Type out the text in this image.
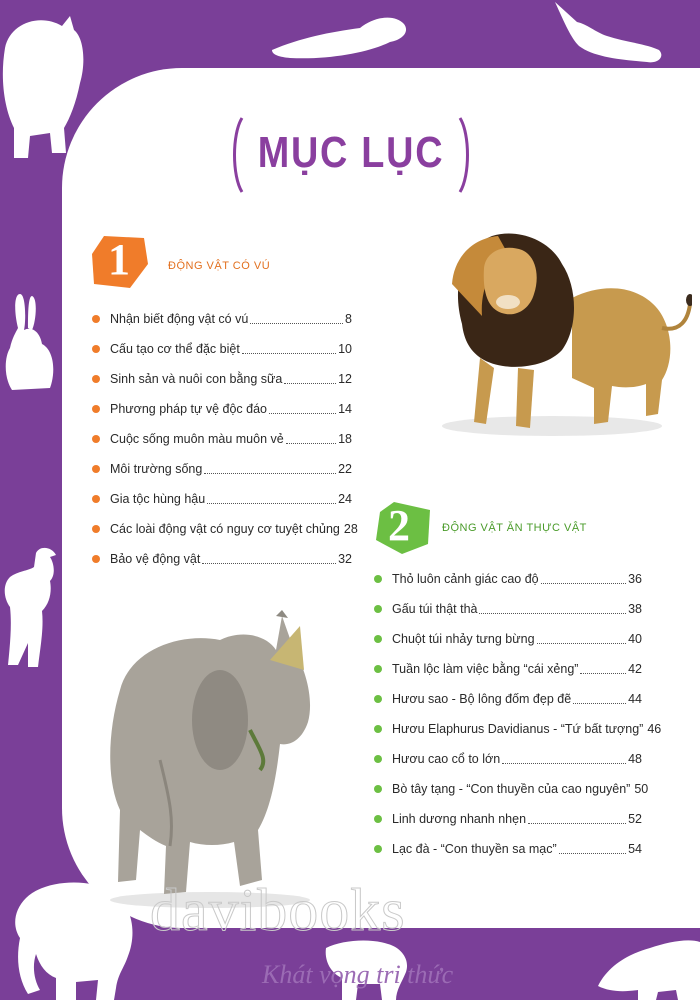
MỤC LỤC
1	ĐỘNG VẬT CÓ VÚ
Nhận biết động vật có vú	8
Cấu tạo cơ thể đặc biệt	10
Sinh sản và nuôi con bằng sữa	12
Phương pháp tự vệ độc đáo	14
Cuộc sống muôn màu muôn vẻ	18
Môi trường sống	22
Gia tộc hùng hậu	24
Các loài động vật có nguy cơ tuyệt chủng 28
Bảo vệ động vật	32
2	ĐỘNG VẬT ĂN THỰC VẬT
Thỏ luôn cảnh giác cao độ	36
Gấu túi thật thà	38
Chuột túi nhảy tưng bừng	40
Tuần lộc làm việc bằng “cái xẻng”	42
Hươu sao - Bộ lông đốm đẹp đẽ	44
Hươu Elaphurus Davidianus - “Tứ bất tượng” 46
Hươu cao cổ to lớn	48
Bò tây tạng - “Con thuyền của cao nguyên” 50
Linh dương nhanh nhẹn	52
Lạc đà - “Con thuyền sa mạc”	54
davibooks
Khát vọng tri thức
